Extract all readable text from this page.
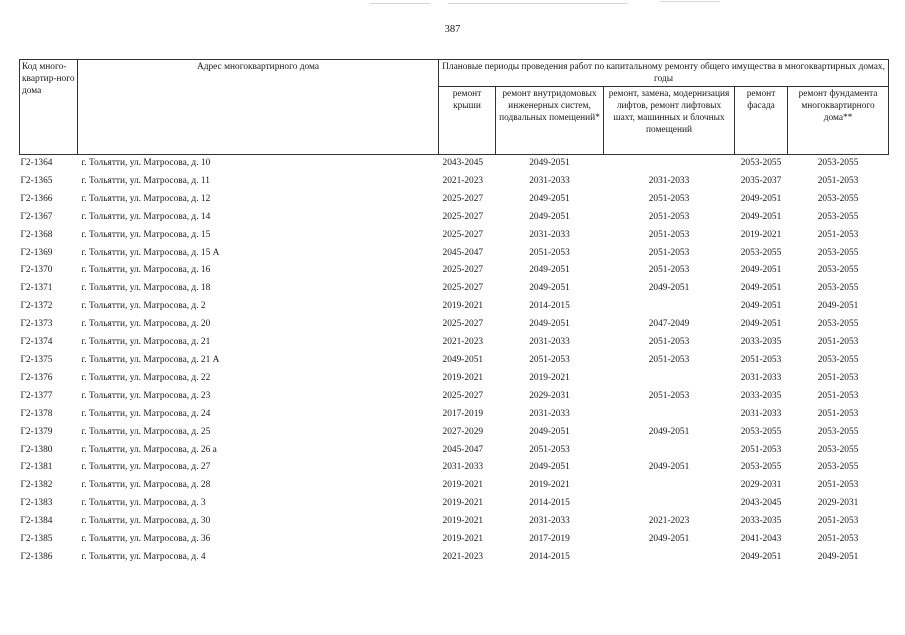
387
Код много-квартир-ного дома	Адрес многоквартирного дома	Плановые периоды проведения работ по капитальному ремонту общего имущества в многоквартирных домах, годы				
		ремонт крыши	ремонт внутридомовых инженерных систем, подвальных помещений*	ремонт, замена, модернизация лифтов, ремонт лифтовых шахт, машинных и блочных помещений	ремонт фасада	ремонт фундамента многоквартирного дома**
Г2-1364	г. Тольятти, ул. Матросова, д. 10	2043-2045	2049-2051		2053-2055	2053-2055
Г2-1365	г. Тольятти, ул. Матросова, д. 11	2021-2023	2031-2033	2031-2033	2035-2037	2051-2053
Г2-1366	г. Тольятти, ул. Матросова, д. 12	2025-2027	2049-2051	2051-2053	2049-2051	2053-2055
Г2-1367	г. Тольятти, ул. Матросова, д. 14	2025-2027	2049-2051	2051-2053	2049-2051	2053-2055
Г2-1368	г. Тольятти, ул. Матросова, д. 15	2025-2027	2031-2033	2051-2053	2019-2021	2051-2053
Г2-1369	г. Тольятти, ул. Матросова, д. 15 А	2045-2047	2051-2053	2051-2053	2053-2055	2053-2055
Г2-1370	г. Тольятти, ул. Матросова, д. 16	2025-2027	2049-2051	2051-2053	2049-2051	2053-2055
Г2-1371	г. Тольятти, ул. Матросова, д. 18	2025-2027	2049-2051	2049-2051	2049-2051	2053-2055
Г2-1372	г. Тольятти, ул. Матросова, д. 2	2019-2021	2014-2015		2049-2051	2049-2051
Г2-1373	г. Тольятти, ул. Матросова, д. 20	2025-2027	2049-2051	2047-2049	2049-2051	2053-2055
Г2-1374	г. Тольятти, ул. Матросова, д. 21	2021-2023	2031-2033	2051-2053	2033-2035	2051-2053
Г2-1375	г. Тольятти, ул. Матросова, д. 21 А	2049-2051	2051-2053	2051-2053	2051-2053	2053-2055
Г2-1376	г. Тольятти, ул. Матросова, д. 22	2019-2021	2019-2021		2031-2033	2051-2053
Г2-1377	г. Тольятти, ул. Матросова, д. 23	2025-2027	2029-2031	2051-2053	2033-2035	2051-2053
Г2-1378	г. Тольятти, ул. Матросова, д. 24	2017-2019	2031-2033		2031-2033	2051-2053
Г2-1379	г. Тольятти, ул. Матросова, д. 25	2027-2029	2049-2051	2049-2051	2053-2055	2053-2055
Г2-1380	г. Тольятти, ул. Матросова, д. 26 а	2045-2047	2051-2053		2051-2053	2053-2055
Г2-1381	г. Тольятти, ул. Матросова, д. 27	2031-2033	2049-2051	2049-2051	2053-2055	2053-2055
Г2-1382	г. Тольятти, ул. Матросова, д. 28	2019-2021	2019-2021		2029-2031	2051-2053
Г2-1383	г. Тольятти, ул. Матросова, д. 3	2019-2021	2014-2015		2043-2045	2029-2031
Г2-1384	г. Тольятти, ул. Матросова, д. 30	2019-2021	2031-2033	2021-2023	2033-2035	2051-2053
Г2-1385	г. Тольятти, ул. Матросова, д. 36	2019-2021	2017-2019	2049-2051	2041-2043	2051-2053
Г2-1386	г. Тольятти, ул. Матросова, д. 4	2021-2023	2014-2015		2049-2051	2049-2051
